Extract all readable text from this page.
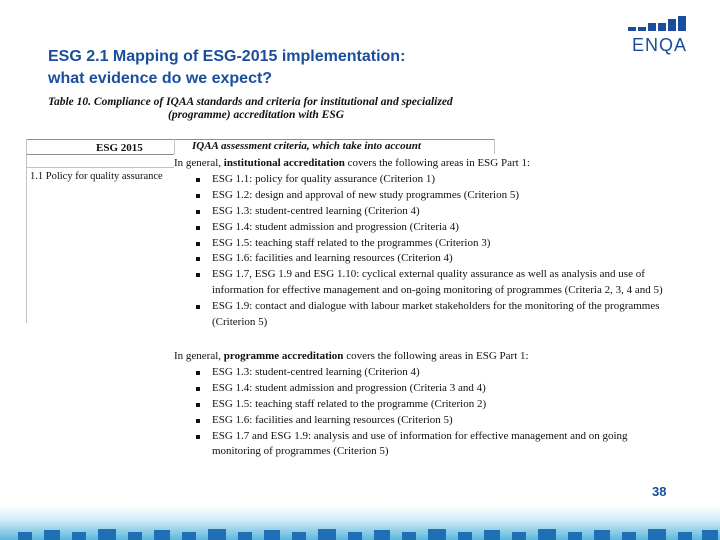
ESG 2.1 Mapping of ESG-2015 implementation:
what evidence do we expect?
ENQA
Table 10. Compliance of IQAA standards and criteria for institutional and specialized
(programme) accreditation with ESG
ESG 2015	IQAA assessment criteria, which take into account
1.1 Policy for quality assurance
In general, institutional accreditation covers the following areas in ESG Part 1:
ESG 1.1: policy for quality assurance (Criterion 1)
ESG 1.2: design and approval of new study programmes (Criterion 5)
ESG 1.3: student-centred learning (Criterion 4)
ESG 1.4: student admission and progression (Criteria 4)
ESG 1.5: teaching staff related to the programmes (Criterion 3)
ESG 1.6: facilities and learning resources (Criterion 4)
ESG 1.7, ESG 1.9 and ESG 1.10: cyclical external quality assurance as well as analysis and use of information for effective management and on-going monitoring of programmes (Criteria 2, 3, 4 and 5)
ESG 1.9: contact and dialogue with labour market stakeholders for the monitoring of the programmes (Criterion 5)
In general, programme accreditation covers the following areas in ESG Part 1:
ESG 1.3: student-centred learning (Criterion 4)
ESG 1.4: student admission and progression (Criteria 3 and 4)
ESG 1.5: teaching staff related to the programme (Criterion 2)
ESG 1.6: facilities and learning resources (Criterion 5)
ESG 1.7 and ESG 1.9: analysis and use of information for effective management and on going monitoring of programmes (Criterion 5)
38
